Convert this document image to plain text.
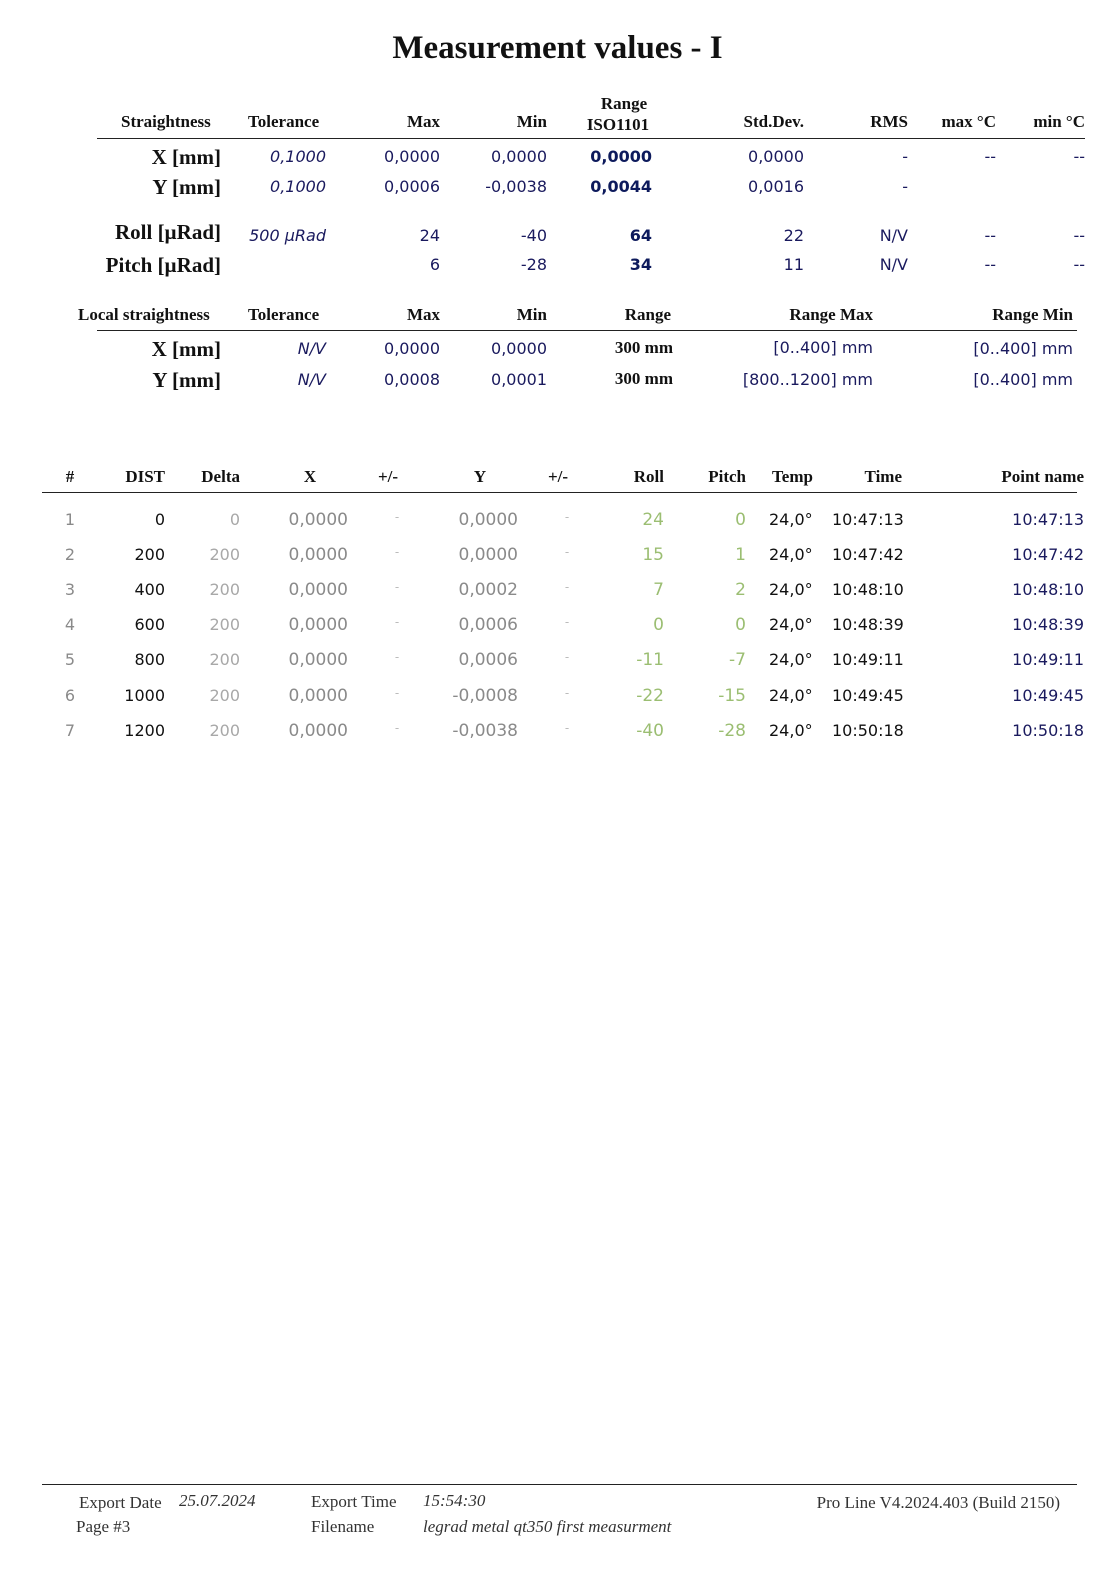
Measurement values - I
Straightness Tolerance	Max	Min
Range
ISO1101	Std.Dev.	RMS	max °C	min °C
X [mm]	0,1000	0,0000	0,0000	0,0000	0,0000	-	--	--
Y [mm]	0,1000	0,0006	-0,0038	0,0044	0,0016	-
Roll [µRad]	500 µRad	24	-40	64	22	N/V	--	--
Pitch [µRad]	6	-28	34	11	N/V	--	--
Local straightness Tolerance	Max	Min	Range	Range Max	Range Min
X [mm]	N/V	0,0000	0,0000	300 mm	[0..400] mm	[0..400] mm
Y [mm]	N/V	0,0008	0,0001	300 mm	[800..1200] mm	[0..400] mm
#	DIST	Delta	X	+/-	Y	+/-	Roll	Pitch Temp	Time	Point name
1	0	0	0,0000	-	0,0000	-	24	0 24,0°	10:47:13	10:47:13
2	200	200	0,0000	-	0,0000	-	15	1 24,0°	10:47:42	10:47:42
3	400	200	0,0000	-	0,0002	-	7	2 24,0°	10:48:10	10:48:10
4	600	200	0,0000	-	0,0006	-	0	0 24,0°	10:48:39	10:48:39
5	800	200	0,0000	-	0,0006	-	-11	-7 24,0°	10:49:11	10:49:11
6	1000	200	0,0000	-	-0,0008	-	-22	-15 24,0°	10:49:45	10:49:45
7	1200	200	0,0000	-	-0,0038	-	-40	-28 24,0°	10:50:18	10:50:18
Export Date 25.07.2024
Page #3
Export Time 15:54:30
Filename	legrad metal qt350 first measurment
Pro Line V4.2024.403 (Build 2150)
